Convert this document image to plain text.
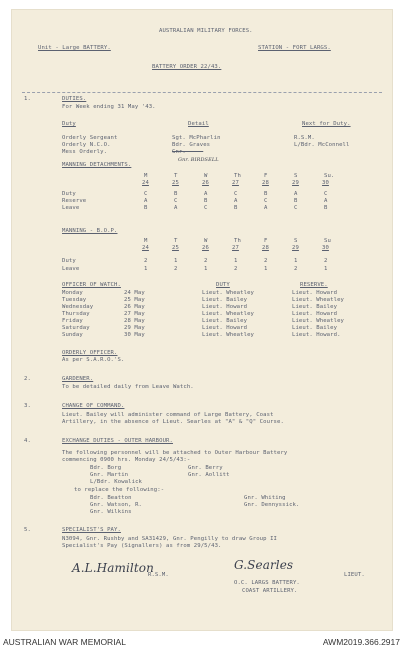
AUSTRALIAN MILITARY FORCES.
Unit - Large BATTERY.	STATION - FORT LARGS.
BATTERY ORDER 22/43.
1.	DUTIES.
For Week ending 31 May '43.
Duty	Detail	Next for Duty.
Orderly Sergeant	Sgt. McPharlin	R.S.M.
Orderly N.C.O.	Bdr. Graves	L/Bdr. McConnell
Mess Orderly.	Gnr. ————
Gnr. BIRDSELL
MANNING DETACHMENTS.
M	T	W	Th	F	S	Su.
24	25	26	27	28	29	30
Duty	C	B	A	C	B	A	C
Reserve	A	C	B	A	C	B	A
Leave	B	A	C	B	A	C	B
MANNING - B.O.P.
M	T	W	Th	F	S	Su
24	25	26	27	28	29	30
Duty	2	1	2	1	2	1	2
Leave	1	2	1	2	1	2	1
OFFICER OF WATCH.	DUTY	RESERVE.
Monday	24 May	Lieut. Wheatley	Lieut. Howard
Tuesday	25 May	Lieut. Bailey	Lieut. Wheatley
Wednesday	26 May	Lieut. Howard	Lieut. Bailey
Thursday	27 May	Lieut. Wheatley	Lieut. Howard
Friday	28 May	Lieut. Bailey	Lieut. Wheatley
Saturday	29 May	Lieut. Howard	Lieut. Bailey
Sunday	30 May	Lieut. Wheatley	Lieut. Howard.
ORDERLY OFFICER.
As per S.A.R.O.'S.
2.	GARDENER.
To be detailed daily from Leave Watch.
3.	CHANGE OF COMMAND.
Lieut. Bailey will administer command of Large Battery, Coast
Artillery, in the absence of Lieut. Searles at "A" & "Q" Course.
4.	EXCHANGE DUTIES - OUTER HARBOUR.
The following personnel will be attached to Outer Harbour Battery
commencing 0900 hrs. Monday 24/5/43:-
Bdr. Borg	Gnr. Berry
Gnr. Martin	Gnr. Aollitt
L/Bdr. Kowalick
to replace the following:-
Bdr. Beatton	Gnr. Whiting
Gnr. Watson, R.	Gnr. Dennyssick.
Gnr. Wilkins
5.	SPECIALIST'S PAY.
N3094, Gnr. Rushby and SA31429, Gnr. Pengilly to draw Group II
Specialist's Pay (Signallers) as from 29/5/43.
A.L.Hamilton
R.S.M.
G.Searles
LIEUT.
O.C. LARGS BATTERY.
COAST ARTILLERY.
AUSTRALIAN WAR MEMORIAL	AWM2019.366.2917
